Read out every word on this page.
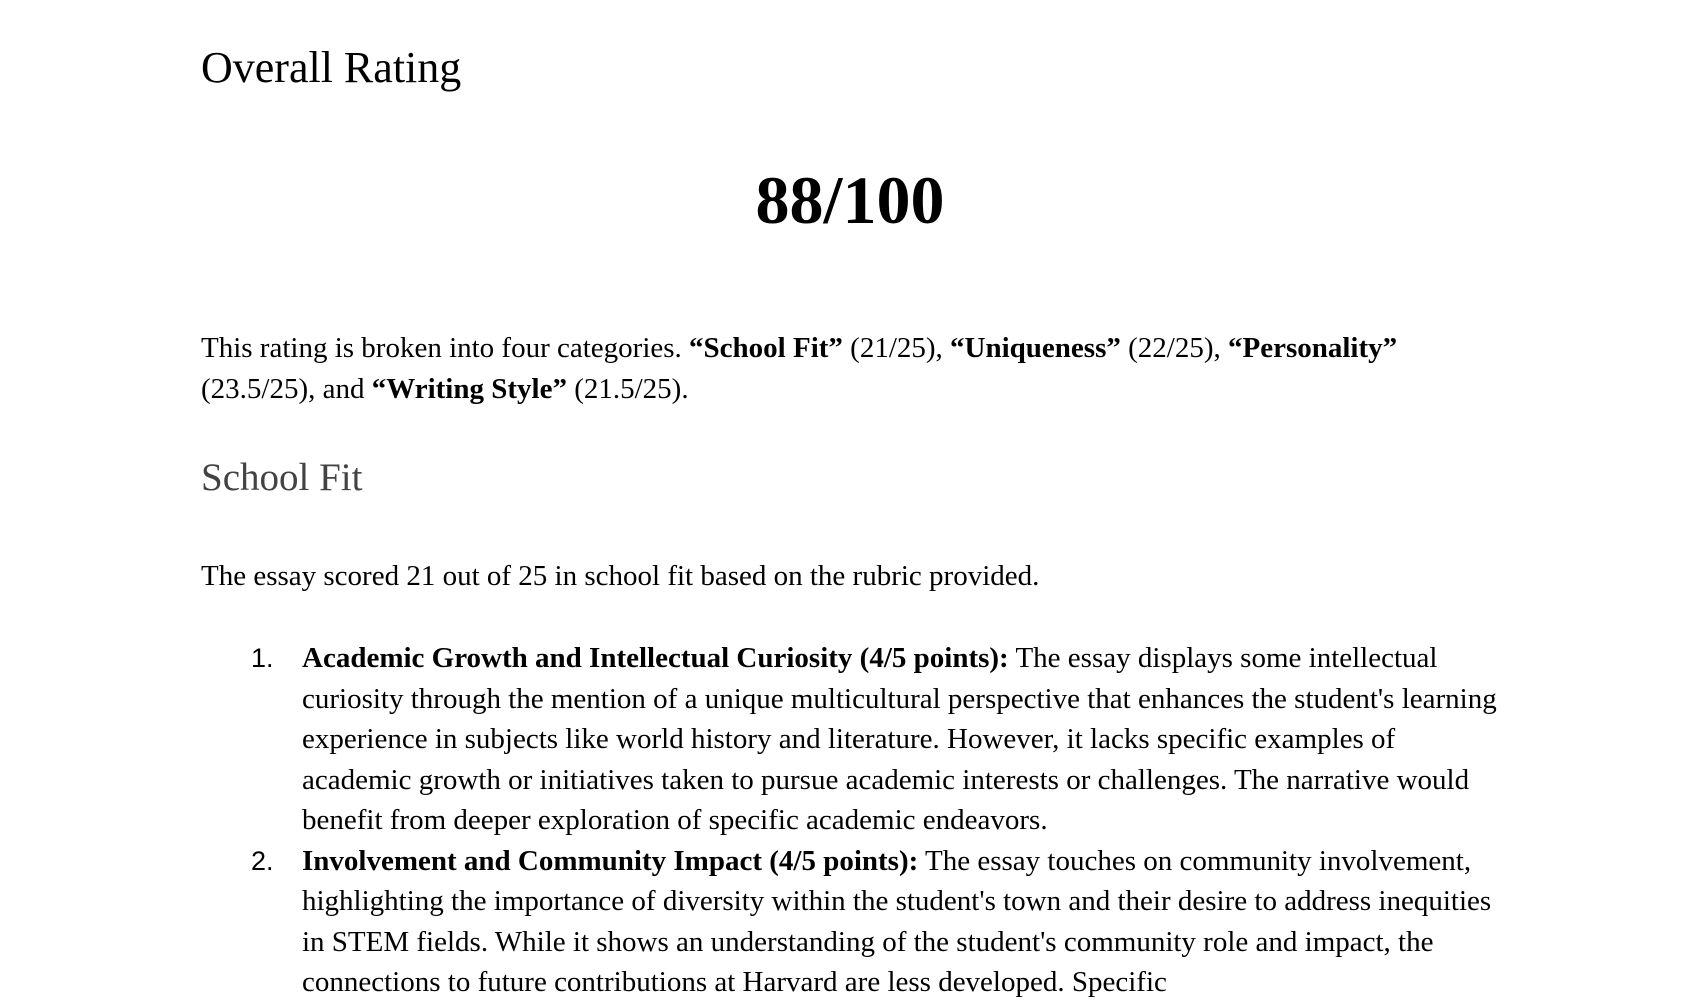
Overall Rating
88/100

This rating is broken into four categories. “School Fit” (21/25), “Uniqueness” (22/25), “Personality” (23.5/25), and “Writing Style” (21.5/25).

School Fit

The essay scored 21 out of 25 in school fit based on the rubric provided.

1. Academic Growth and Intellectual Curiosity (4/5 points): The essay displays some intellectual curiosity through the mention of a unique multicultural perspective that enhances the student's learning experience in subjects like world history and literature. However, it lacks specific examples of academic growth or initiatives taken to pursue academic interests or challenges. The narrative would benefit from deeper exploration of specific academic endeavors.
2. Involvement and Community Impact (4/5 points): The essay touches on community involvement, highlighting the importance of diversity within the student's town and their desire to address inequities in STEM fields. While it shows an understanding of the student's community role and impact, the connections to future contributions at Harvard are less developed. Specific
